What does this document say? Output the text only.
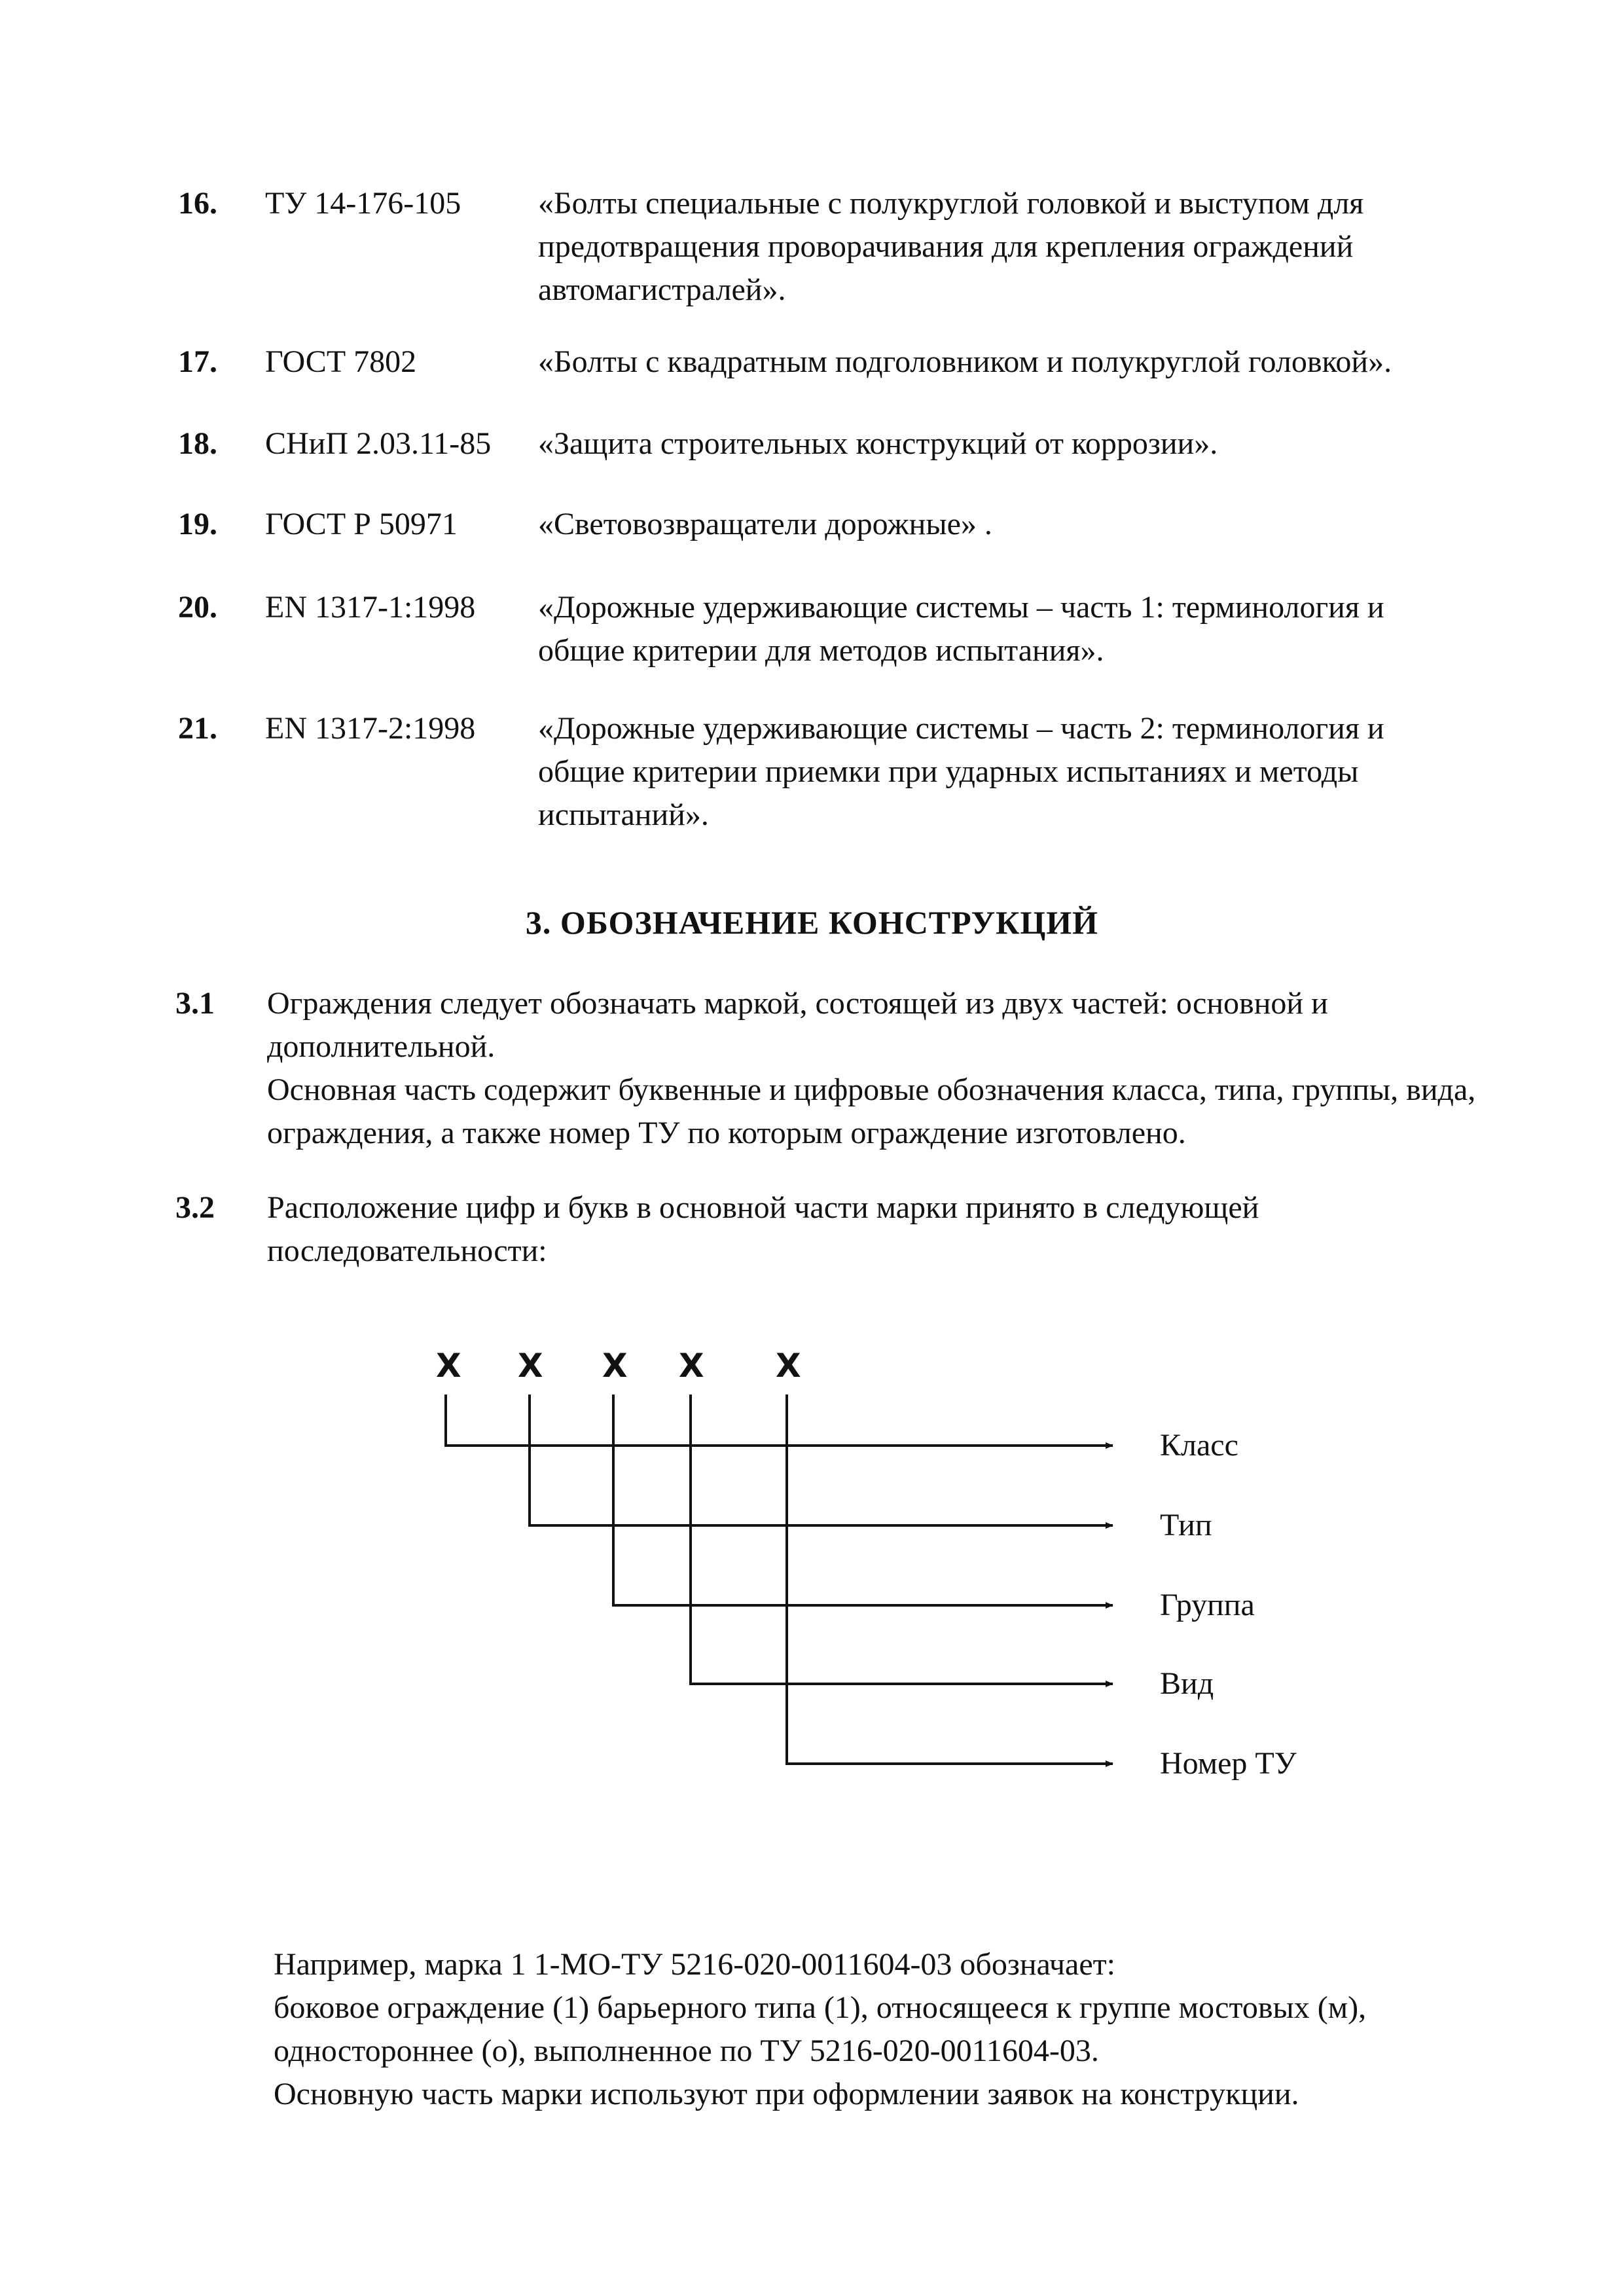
16. ТУ 14-176-105 «Болты специальные с полукруглой головкой и выступом для предотвращения проворачивания для крепления ограждений автомагистралей».
17. ГОСТ 7802	«Болты с квадратным подголовником и полукруглой головкой».
18. СНиП 2.03.11-85 «Защита строительных конструкций от коррозии».
19. ГОСТ Р 50971	«Световозвращатели дорожные» .
20. EN 1317-1:1998 «Дорожные удерживающие системы – часть 1: терминология и общие критерии для методов испытания».
21. EN 1317-2:1998 «Дорожные удерживающие системы – часть 2: терминология и общие критерии приемки при ударных испытаниях и методы испытаний».
3. ОБОЗНАЧЕНИЕ КОНСТРУКЦИЙ
3.1 Ограждения следует обозначать маркой, состоящей из двух частей: основной и дополнительной.

Основная часть содержит буквенные и цифровые обозначения класса, типа, группы, вида, ограждения, а также номер ТУ по которым ограждение изготовлено.

3.2 Расположение цифр и букв в основной части марки принято в следующей последовательности:

X X X X X
Класс
Тип
Группа
Вид
Номер ТУ

Например, марка 1 1-МО-ТУ 5216-020-0011604-03 обозначает:

боковое ограждение (1) барьерного типа (1), относящееся к группе мостовых (м), одностороннее (о), выполненное по ТУ 5216-020-0011604-03.

Основную часть марки используют при оформлении заявок на конструкции.
